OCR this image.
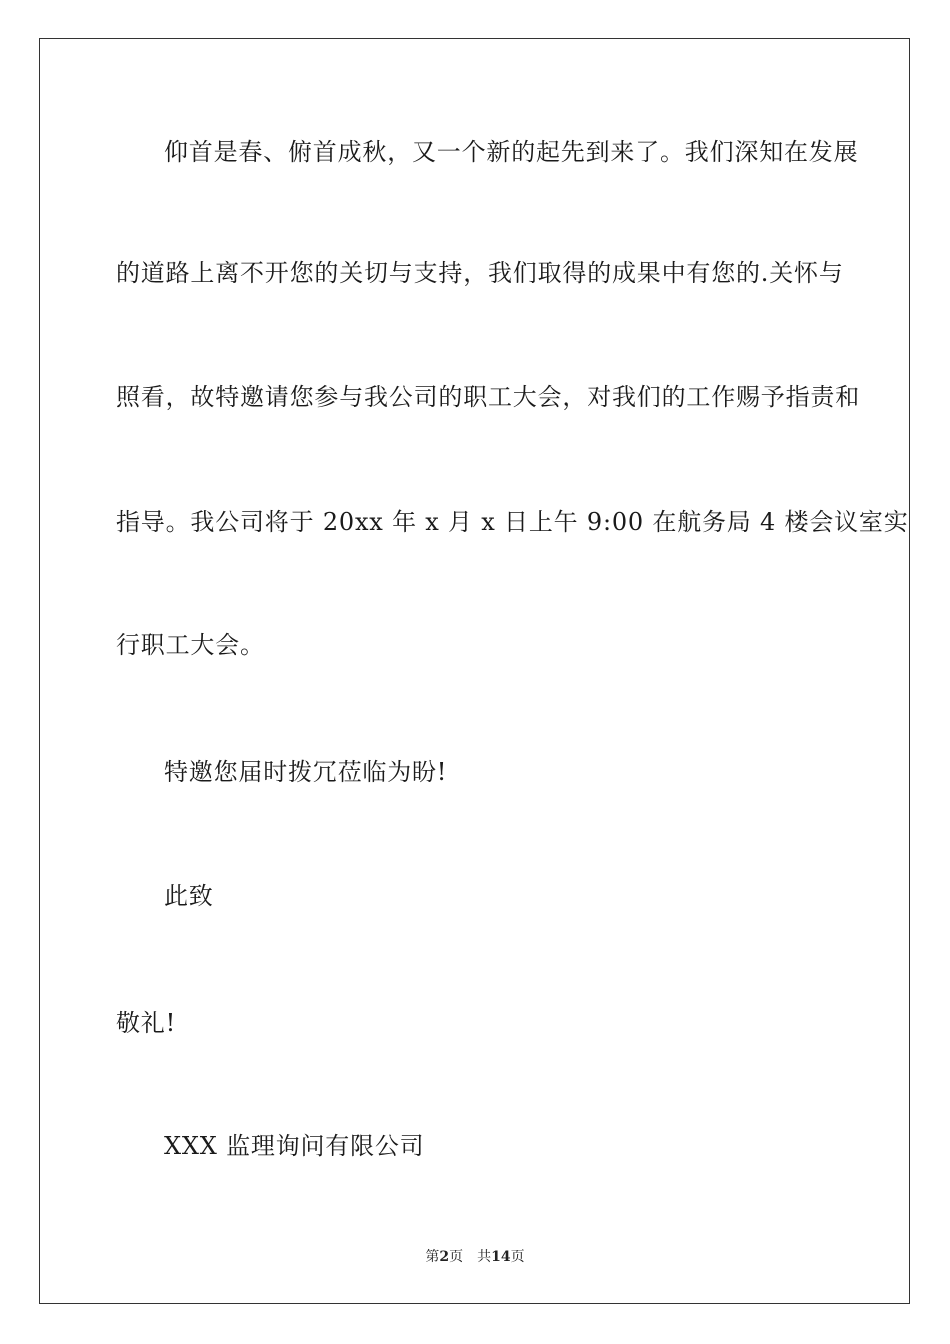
仰首是春、俯首成秋，又一个新的起先到来了。我们深知在发展
的道路上离不开您的关切与支持，我们取得的成果中有您的.关怀与
照看，故特邀请您参与我公司的职工大会，对我们的工作赐予指责和
指导。我公司将于 20xx 年 x 月 x 日上午 9:00 在航务局 4 楼会议室实
行职工大会。
特邀您届时拨冗莅临为盼!
此致
敬礼!
XXX 监理询问有限公司
第2页 共14页
